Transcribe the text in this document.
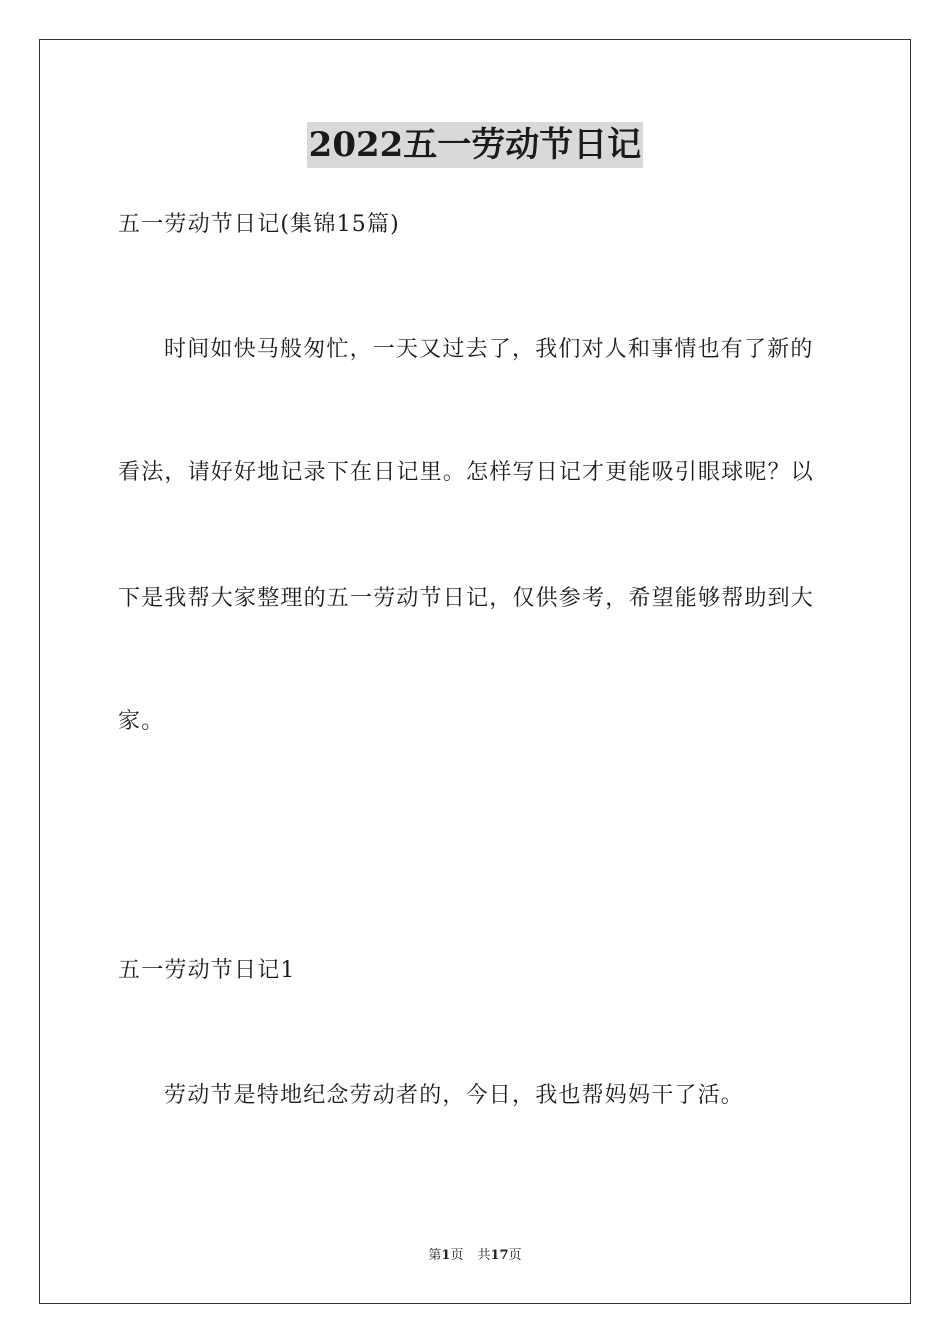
2022五一劳动节日记
五一劳动节日记(集锦15篇)
时间如快马般匆忙，一天又过去了，我们对人和事情也有了新的
看法，请好好地记录下在日记里。怎样写日记才更能吸引眼球呢？以
下是我帮大家整理的五一劳动节日记，仅供参考，希望能够帮助到大
家。
五一劳动节日记1
劳动节是特地纪念劳动者的，今日，我也帮妈妈干了活。
第1页 共17页
